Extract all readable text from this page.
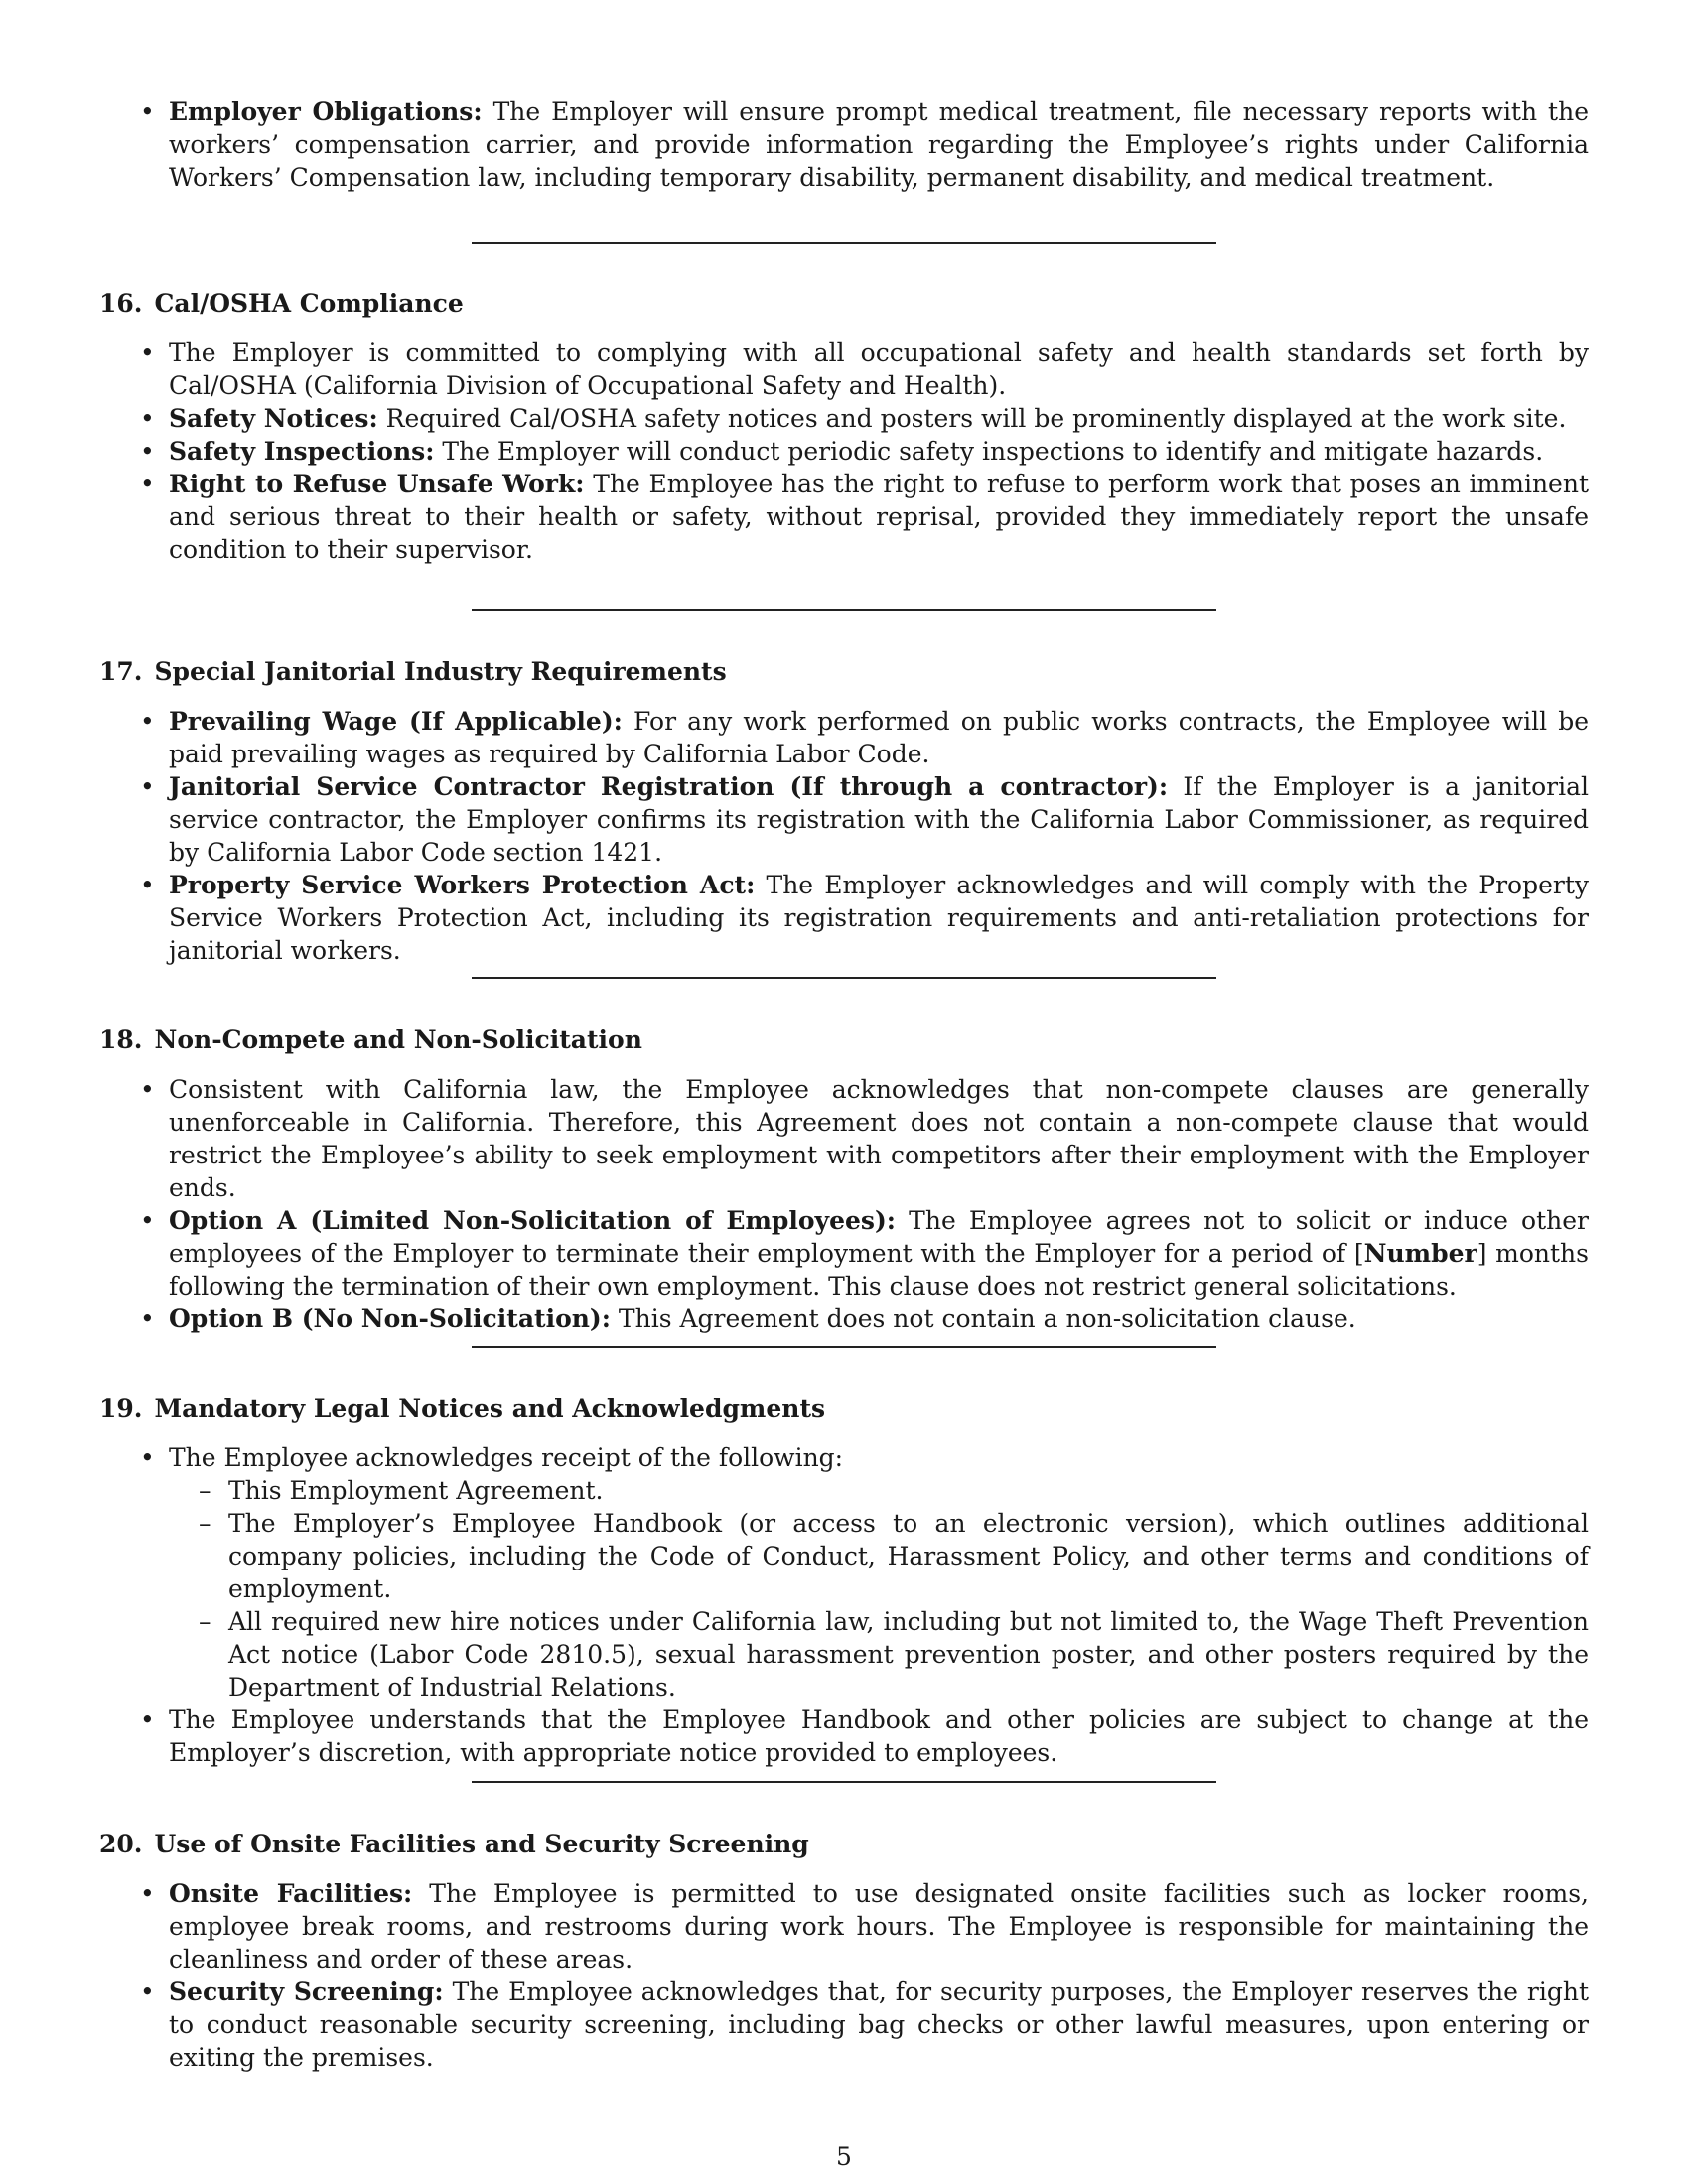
• Employer Obligations: The Employer will ensure prompt medical treatment, file necessary reports with the workers’ compensation carrier, and provide information regarding the Employee’s rights under California Workers’ Compensation law, including temporary disability, permanent disability, and medical treatment.
16. Cal/OSHA Compliance
• The Employer is committed to complying with all occupational safety and health standards set forth by Cal/OSHA (California Division of Occupational Safety and Health).
• Safety Notices: Required Cal/OSHA safety notices and posters will be prominently displayed at the work site.
• Safety Inspections: The Employer will conduct periodic safety inspections to identify and mitigate hazards.
• Right to Refuse Unsafe Work: The Employee has the right to refuse to perform work that poses an imminent and serious threat to their health or safety, without reprisal, provided they immediately report the unsafe condition to their supervisor.
17. Special Janitorial Industry Requirements
• Prevailing Wage (If Applicable): For any work performed on public works contracts, the Employee will be paid prevailing wages as required by California Labor Code.
• Janitorial Service Contractor Registration (If through a contractor): If the Employer is a janitorial service contractor, the Employer confirms its registration with the California Labor Commissioner, as required by California Labor Code section 1421.
• Property Service Workers Protection Act: The Employer acknowledges and will comply with the Property Service Workers Protection Act, including its registration requirements and anti-retaliation protections for janitorial workers.
18. Non-Compete and Non-Solicitation
• Consistent with California law, the Employee acknowledges that non-compete clauses are generally unenforceable in California. Therefore, this Agreement does not contain a non-compete clause that would restrict the Employee’s ability to seek employment with competitors after their employment with the Employer ends.
• Option A (Limited Non-Solicitation of Employees): The Employee agrees not to solicit or induce other employees of the Employer to terminate their employment with the Employer for a period of [Number] months following the termination of their own employment. This clause does not restrict general solicitations.
• Option B (No Non-Solicitation): This Agreement does not contain a non-solicitation clause.
19. Mandatory Legal Notices and Acknowledgments
• The Employee acknowledges receipt of the following:
– This Employment Agreement.
– The Employer’s Employee Handbook (or access to an electronic version), which outlines additional company policies, including the Code of Conduct, Harassment Policy, and other terms and conditions of employment.
– All required new hire notices under California law, including but not limited to, the Wage Theft Prevention Act notice (Labor Code 2810.5), sexual harassment prevention poster, and other posters required by the Department of Industrial Relations.
• The Employee understands that the Employee Handbook and other policies are subject to change at the Employer’s discretion, with appropriate notice provided to employees.
20. Use of Onsite Facilities and Security Screening
• Onsite Facilities: The Employee is permitted to use designated onsite facilities such as locker rooms, employee break rooms, and restrooms during work hours. The Employee is responsible for maintaining the cleanliness and order of these areas.
• Security Screening: The Employee acknowledges that, for security purposes, the Employer reserves the right to conduct reasonable security screening, including bag checks or other lawful measures, upon entering or exiting the premises.
5
